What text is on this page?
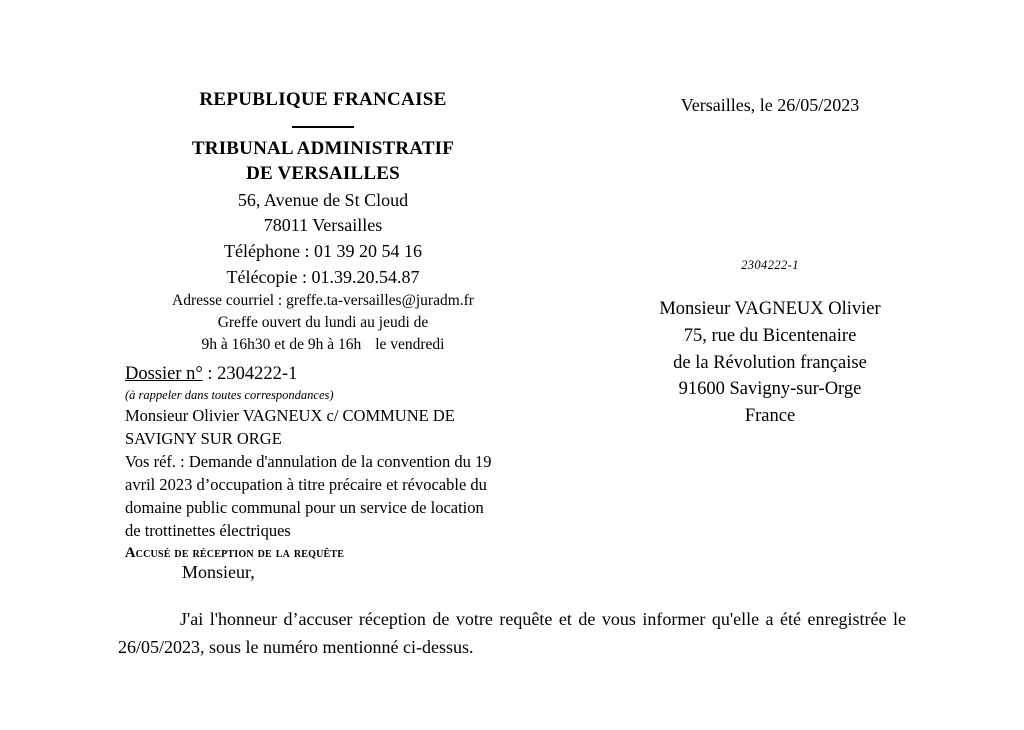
REPUBLIQUE FRANCAISE
TRIBUNAL ADMINISTRATIF
DE VERSAILLES
56, Avenue de St Cloud
78011 Versailles
Téléphone : 01 39 20 54 16
Télécopie : 01.39.20.54.87
Adresse courriel : greffe.ta-versailles@juradm.fr
Greffe ouvert du lundi au jeudi de
9h à 16h30 et de 9h à 16h le vendredi
Dossier n° : 2304222-1
(à rappeler dans toutes correspondances)
Monsieur Olivier VAGNEUX c/ COMMUNE DE
SAVIGNY SUR ORGE
Vos réf. : Demande d'annulation de la convention du 19
avril 2023 d’occupation à titre précaire et révocable du
domaine public communal pour un service de location
de trottinettes électriques
Accusé de réception de la requête
Versailles, le 26/05/2023
2304222-1
Monsieur VAGNEUX Olivier
75, rue du Bicentenaire
de la Révolution française
91600 Savigny-sur-Orge
France
Monsieur,
J'ai l'honneur d’accuser réception de votre requête et de vous informer qu'elle a été enregistrée le 26/05/2023, sous le numéro mentionné ci-dessus.
